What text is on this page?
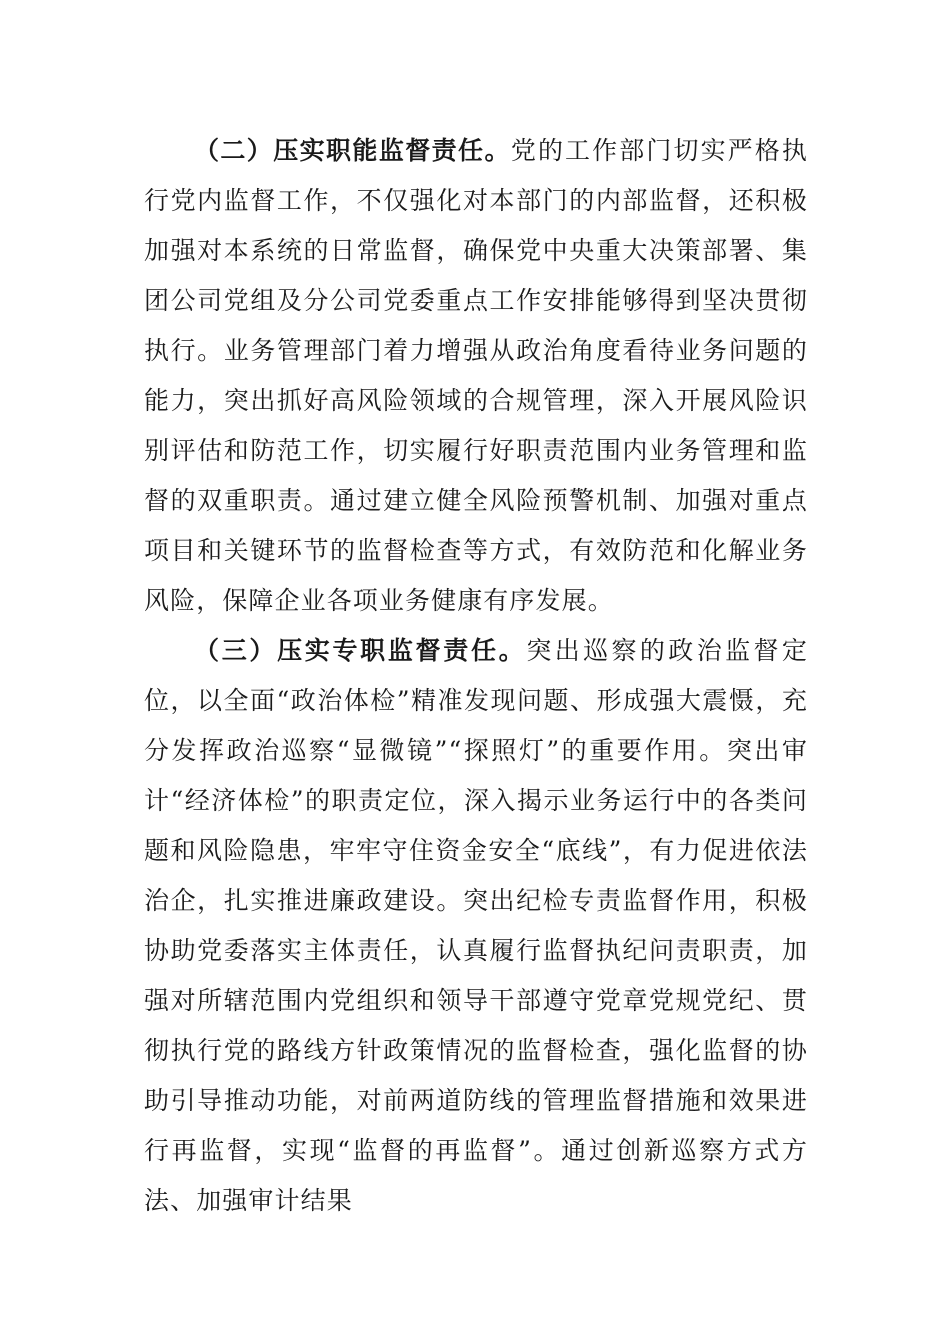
（二）压实职能监督责任。党的工作部门切实严格执行党内监督工作，不仅强化对本部门的内部监督，还积极加强对本系统的日常监督，确保党中央重大决策部署、集团公司党组及分公司党委重点工作安排能够得到坚决贯彻执行。业务管理部门着力增强从政治角度看待业务问题的能力，突出抓好高风险领域的合规管理，深入开展风险识别评估和防范工作，切实履行好职责范围内业务管理和监督的双重职责。通过建立健全风险预警机制、加强对重点项目和关键环节的监督检查等方式，有效防范和化解业务风险，保障企业各项业务健康有序发展。

（三）压实专职监督责任。突出巡察的政治监督定位，以全面“政治体检”精准发现问题、形成强大震慑，充分发挥政治巡察“显微镜”“探照灯”的重要作用。突出审计“经济体检”的职责定位，深入揭示业务运行中的各类问题和风险隐患，牢牢守住资金安全“底线”，有力促进依法治企，扎实推进廉政建设。突出纪检专责监督作用，积极协助党委落实主体责任，认真履行监督执纪问责职责，加强对所辖范围内党组织和领导干部遵守党章党规党纪、贯彻执行党的路线方针政策情况的监督检查，强化监督的协助引导推动功能，对前两道防线的管理监督措施和效果进行再监督，实现“监督的再监督”。通过创新巡察方式方法、加强审计结果
